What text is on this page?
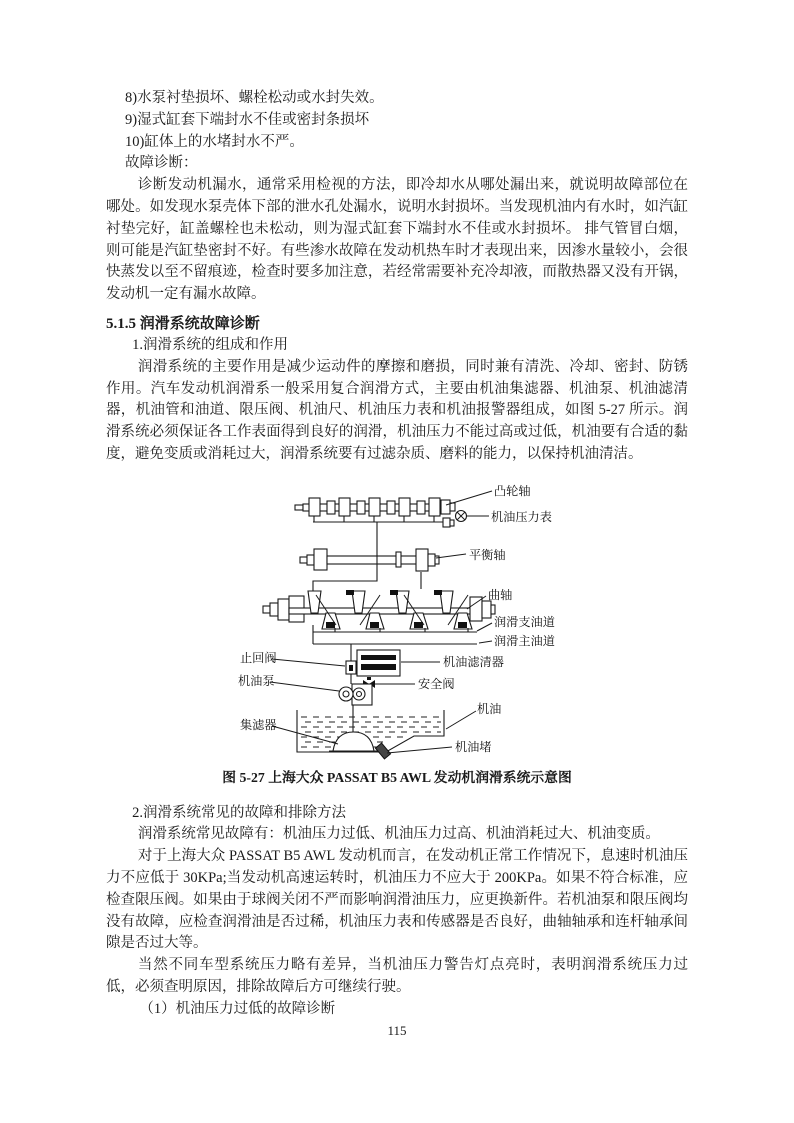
8)水泵衬垫损坏、螺栓松动或水封失效。
9)湿式缸套下端封水不佳或密封条损坏
10)缸体上的水堵封水不严。
故障诊断：
诊断发动机漏水，通常采用检视的方法，即冷却水从哪处漏出来，就说明故障部位在哪处。如发现水泵壳体下部的泄水孔处漏水，说明水封损坏。当发现机油内有水时，如汽缸衬垫完好，缸盖螺栓也未松动，则为湿式缸套下端封水不佳或水封损坏。 排气管冒白烟，则可能是汽缸垫密封不好。有些渗水故障在发动机热车时才表现出来，因渗水量较小，会很快蒸发以至不留痕迹，检查时要多加注意，若经常需要补充冷却液，而散热器又没有开锅，发动机一定有漏水故障。
5.1.5 润滑系统故障诊断
1.润滑系统的组成和作用
润滑系统的主要作用是减少运动件的摩擦和磨损，同时兼有清洗、冷却、密封、防锈作用。汽车发动机润滑系一般采用复合润滑方式，主要由机油集滤器、机油泵、机油滤清器，机油管和油道、限压阀、机油尺、机油压力表和机油报警器组成，如图 5-27 所示。润滑系统必须保证各工作表面得到良好的润滑，机油压力不能过高或过低，机油要有合适的黏度，避免变质或消耗过大，润滑系统要有过滤杂质、磨料的能力，以保持机油清洁。
凸轮轴
机油压力表
平衡轴
曲轴
润滑支油道
润滑主油道
机油滤清器
安全阀
机油
机油堵
止回阀
机油泵
集滤器
图 5-27 上海大众 PASSAT B5 AWL 发动机润滑系统示意图
2.润滑系统常见的故障和排除方法
润滑系统常见故障有：机油压力过低、机油压力过高、机油消耗过大、机油变质。
对于上海大众 PASSAT B5 AWL 发动机而言，在发动机正常工作情况下，息速时机油压力不应低于 30KPa;当发动机高速运转时，机油压力不应大于 200KPa。如果不符合标准，应检查限压阀。如果由于球阀关闭不严而影响润滑油压力，应更换新件。若机油泵和限压阀均没有故障，应检查润滑油是否过稀，机油压力表和传感器是否良好，曲轴轴承和连杆轴承间隙是否过大等。
当然不同车型系统压力略有差异，当机油压力警告灯点亮时，表明润滑系统压力过低，必须查明原因，排除故障后方可继续行驶。
（1）机油压力过低的故障诊断
115
